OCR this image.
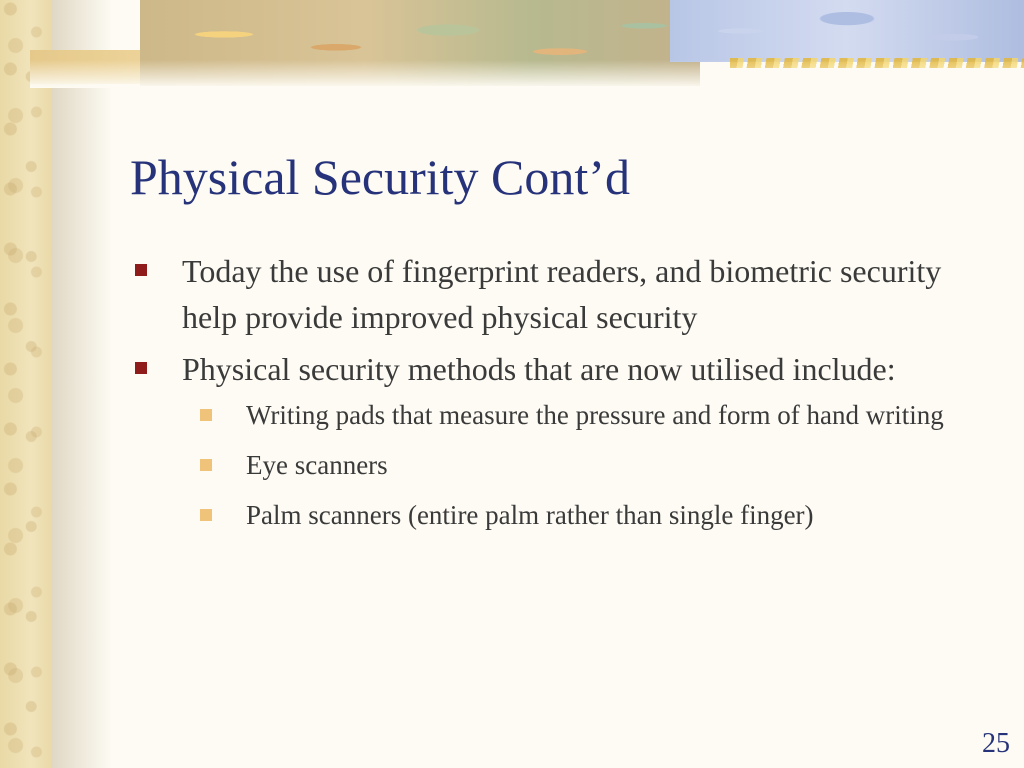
Physical Security Cont’d
Today the use of fingerprint readers, and biometric security help provide improved physical security
Physical security methods that are now utilised include:
Writing pads that measure the pressure and form of hand writing
Eye scanners
Palm scanners (entire palm rather than single finger)
25
